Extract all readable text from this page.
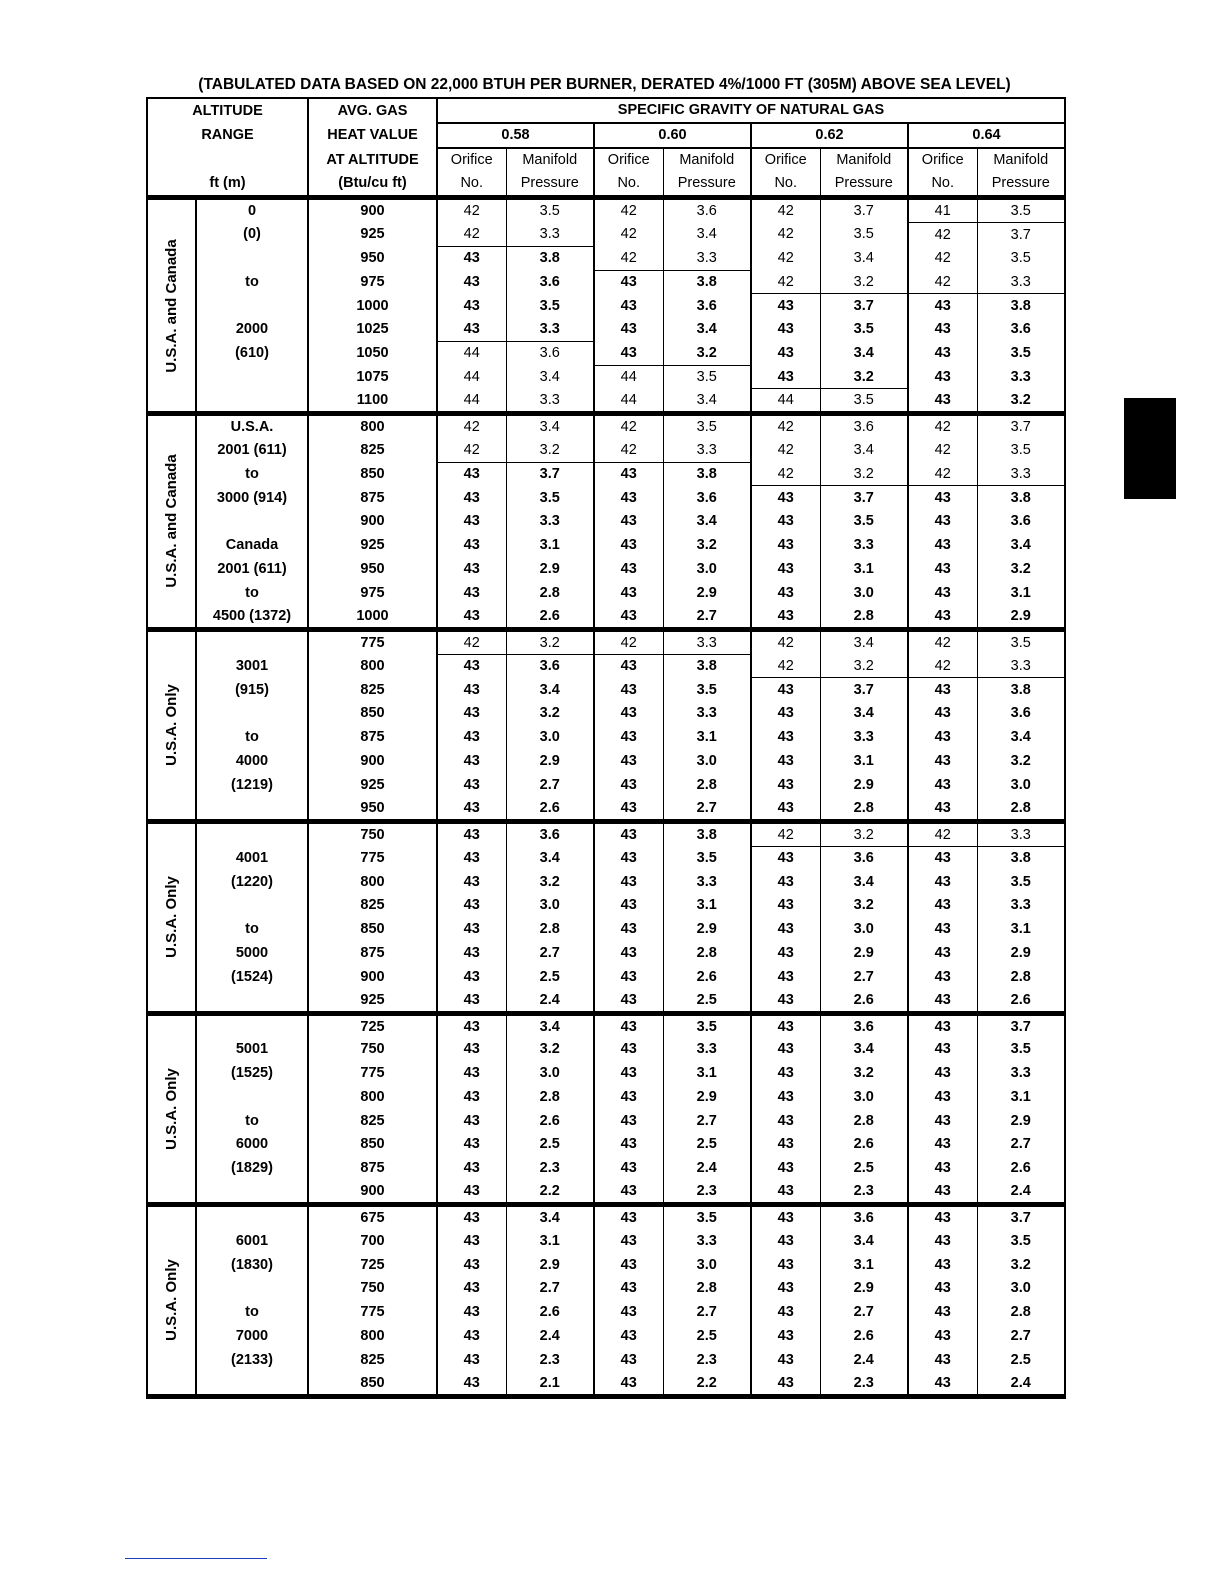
(TABULATED DATA BASED ON 22,000 BTUH PER BURNER, DERATED 4%/1000 FT (305M) ABOVE SEA LEVEL)
ALTITUDE		AVG. GAS	SPECIFIC GRAVITY OF NATURAL GAS							
RANGE		HEAT VALUE	0.58		0.60		0.62		0.64	
		AT ALTITUDE	Orifice	Manifold	Orifice	Manifold	Orifice	Manifold	Orifice	Manifold
ft (m)		(Btu/cu ft)	No.	Pressure	No.	Pressure	No.	Pressure	No.	Pressure

U.S.A. and Canada	0	900	42	3.5	42	3.6	42	3.7	41	3.5
	(0)	925	42	3.3	42	3.4	42	3.5	42	3.7
		950	43	3.8	42	3.3	42	3.4	42	3.5
	to	975	43	3.6	43	3.8	42	3.2	42	3.3
		1000	43	3.5	43	3.6	43	3.7	43	3.8
	2000	1025	43	3.3	43	3.4	43	3.5	43	3.6
	(610)	1050	44	3.6	43	3.2	43	3.4	43	3.5
		1075	44	3.4	44	3.5	43	3.2	43	3.3
		1100	44	3.3	44	3.4	44	3.5	43	3.2

U.S.A. and Canada	U.S.A.	800	42	3.4	42	3.5	42	3.6	42	3.7
	2001 (611)	825	42	3.2	42	3.3	42	3.4	42	3.5
	to	850	43	3.7	43	3.8	42	3.2	42	3.3
	3000 (914)	875	43	3.5	43	3.6	43	3.7	43	3.8
		900	43	3.3	43	3.4	43	3.5	43	3.6
	Canada	925	43	3.1	43	3.2	43	3.3	43	3.4
	2001 (611)	950	43	2.9	43	3.0	43	3.1	43	3.2
	to	975	43	2.8	43	2.9	43	3.0	43	3.1
	4500 (1372)	1000	43	2.6	43	2.7	43	2.8	43	2.9

U.S.A. Only		775	42	3.2	42	3.3	42	3.4	42	3.5
	3001	800	43	3.6	43	3.8	42	3.2	42	3.3
	(915)	825	43	3.4	43	3.5	43	3.7	43	3.8
		850	43	3.2	43	3.3	43	3.4	43	3.6
	to	875	43	3.0	43	3.1	43	3.3	43	3.4
	4000	900	43	2.9	43	3.0	43	3.1	43	3.2
	(1219)	925	43	2.7	43	2.8	43	2.9	43	3.0
		950	43	2.6	43	2.7	43	2.8	43	2.8

U.S.A. Only		750	43	3.6	43	3.8	42	3.2	42	3.3
	4001	775	43	3.4	43	3.5	43	3.6	43	3.8
	(1220)	800	43	3.2	43	3.3	43	3.4	43	3.5
		825	43	3.0	43	3.1	43	3.2	43	3.3
	to	850	43	2.8	43	2.9	43	3.0	43	3.1
	5000	875	43	2.7	43	2.8	43	2.9	43	2.9
	(1524)	900	43	2.5	43	2.6	43	2.7	43	2.8
		925	43	2.4	43	2.5	43	2.6	43	2.6

U.S.A. Only		725	43	3.4	43	3.5	43	3.6	43	3.7
	5001	750	43	3.2	43	3.3	43	3.4	43	3.5
	(1525)	775	43	3.0	43	3.1	43	3.2	43	3.3
		800	43	2.8	43	2.9	43	3.0	43	3.1
	to	825	43	2.6	43	2.7	43	2.8	43	2.9
	6000	850	43	2.5	43	2.5	43	2.6	43	2.7
	(1829)	875	43	2.3	43	2.4	43	2.5	43	2.6
		900	43	2.2	43	2.3	43	2.3	43	2.4

U.S.A. Only		675	43	3.4	43	3.5	43	3.6	43	3.7
	6001	700	43	3.1	43	3.3	43	3.4	43	3.5
	(1830)	725	43	2.9	43	3.0	43	3.1	43	3.2
		750	43	2.7	43	2.8	43	2.9	43	3.0
	to	775	43	2.6	43	2.7	43	2.7	43	2.8
	7000	800	43	2.4	43	2.5	43	2.6	43	2.7
	(2133)	825	43	2.3	43	2.3	43	2.4	43	2.5
		850	43	2.1	43	2.2	43	2.3	43	2.4
